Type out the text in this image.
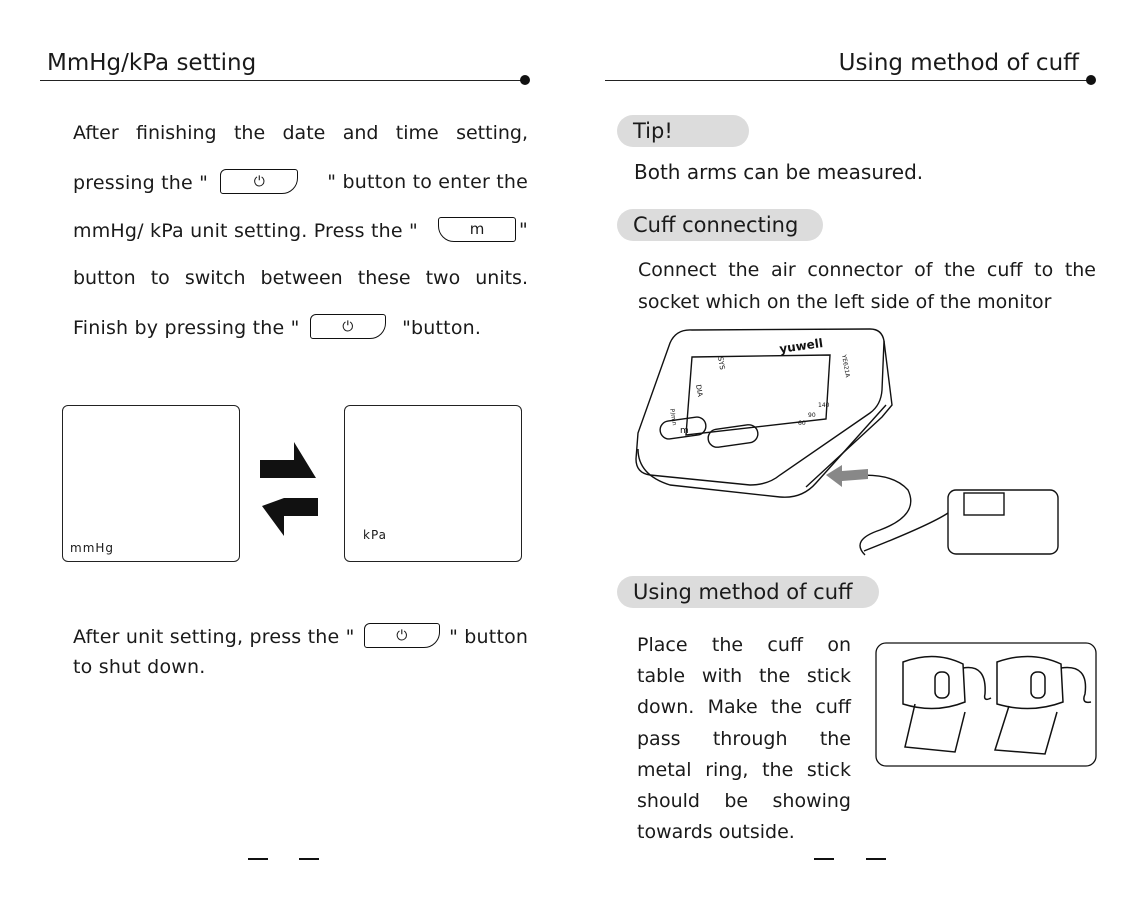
MmHg/kPa setting
After finishing the date and time setting,
pressing the "	⏻	" button to enter the
mmHg/ kPa unit setting. Press the "	m "
button to switch between these two units.
Finish by pressing the "	⏻	"button.
mmHg
kPa
After unit setting, press the "	⏻ " button
to shut down.
Using method of cuff
Tip!
Both arms can be measured.
Cuff connecting
Connect the air connector of the cuff to the
socket which on the left side of the monitor
yuwell
YE621A
SYS
DIA
P/min
140
90
60
m
Using method of cuff
Place the cuff on
table with the stick
down. Make the cuff
pass through the
metal ring, the stick
should be showing
towards outside.
